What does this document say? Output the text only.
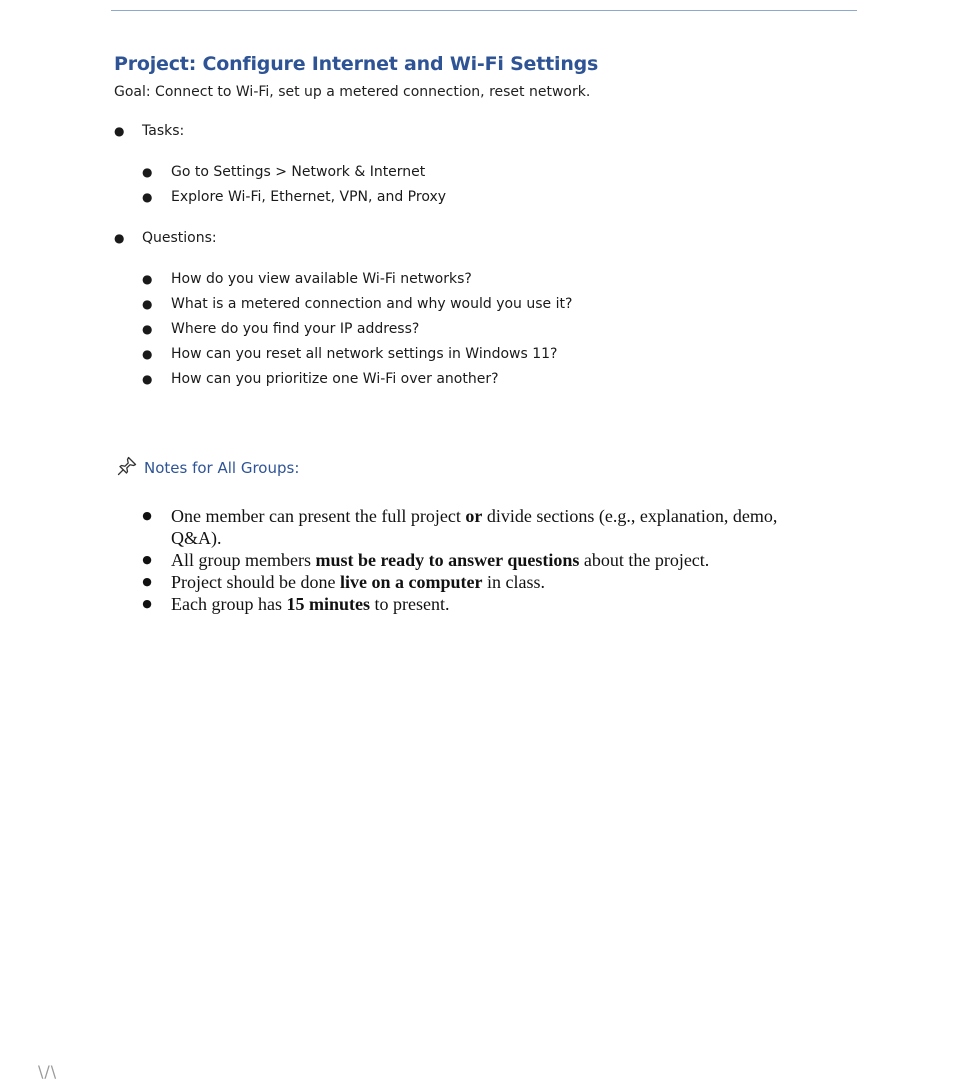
Project: Configure Internet and Wi-Fi Settings
Goal: Connect to Wi-Fi, set up a metered connection, reset network.
● Tasks:
● Go to Settings > Network & Internet
● Explore Wi-Fi, Ethernet, VPN, and Proxy
● Questions:
● How do you view available Wi-Fi networks?
● What is a metered connection and why would you use it?
● Where do you find your IP address?
● How can you reset all network settings in Windows 11?
● How can you prioritize one Wi-Fi over another?
Notes for All Groups:
● One member can present the full project or divide sections (e.g., explanation, demo, Q&A).
● All group members must be ready to answer questions about the project.
● Project should be done live on a computer in class.
● Each group has 15 minutes to present.
\/\
